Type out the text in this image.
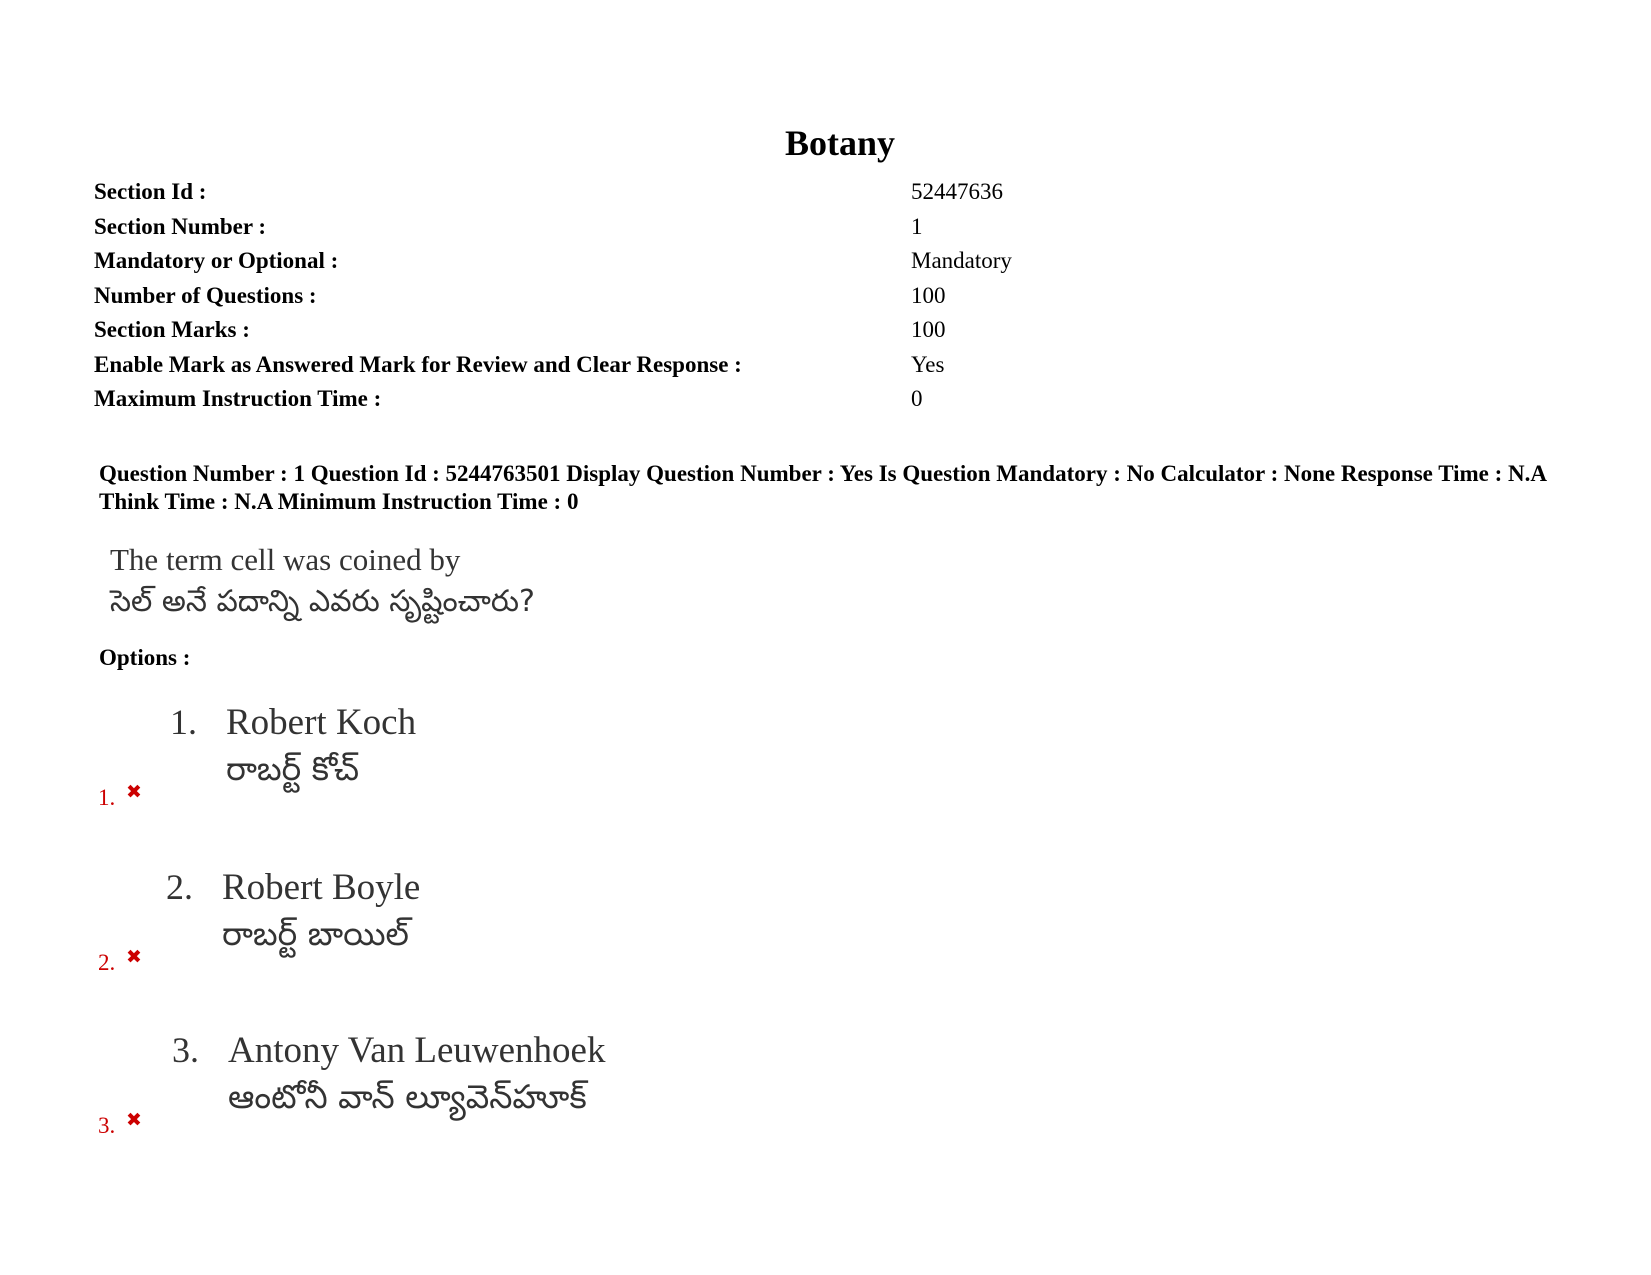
Botany
Section Id :	52447636
Section Number :	1
Mandatory or Optional :	Mandatory
Number of Questions :	100
Section Marks :	100
Enable Mark as Answered Mark for Review and Clear Response :	Yes
Maximum Instruction Time :	0
Question Number : 1 Question Id : 5244763501 Display Question Number : Yes Is Question Mandatory : No Calculator : None Response Time : N.A Think Time : N.A Minimum Instruction Time : 0
The term cell was coined by
సెల్ అనే పదాన్ని ఎవరు సృష్టించారు?
Options :
1. ✖
1. Robert Koch
రాబర్ట్ కోచ్
2. ✖
2. Robert Boyle
రాబర్ట్ బాయిల్
3. ✖
3. Antony Van Leuwenhoek
ఆంటోనీ వాన్ ల్యూవెన్‌హూక్
